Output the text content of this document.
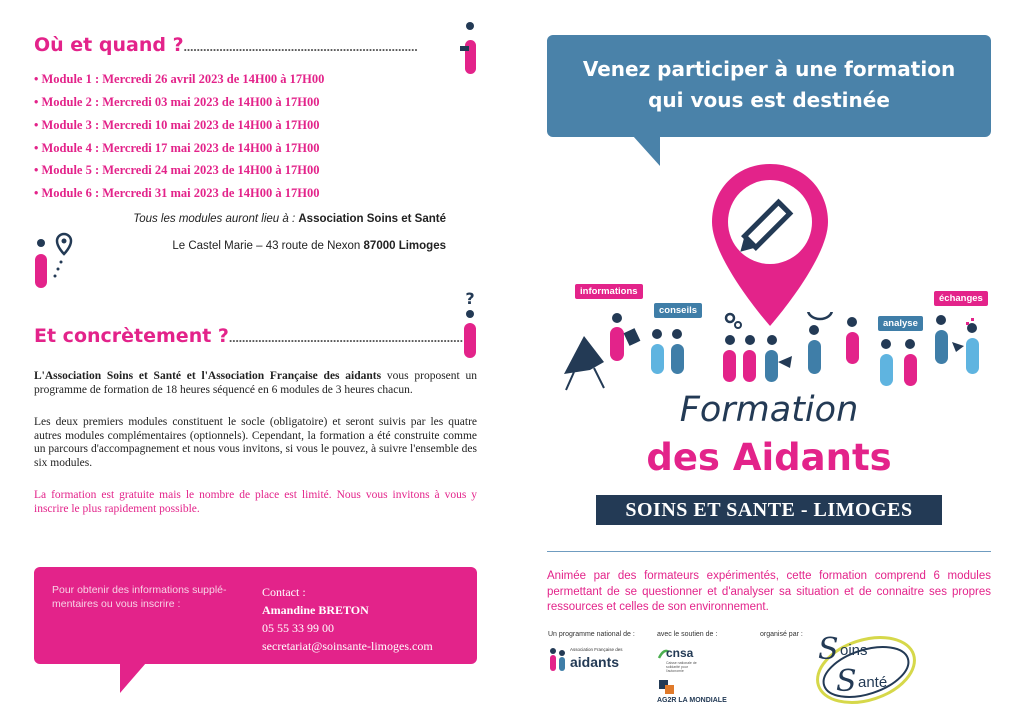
Où et quand ?........................................................................
• Module 1 : Mercredi 26 avril 2023 de 14H00 à 17H00
• Module 2 : Mercredi 03 mai 2023 de 14H00 à 17H00
• Module 3 : Mercredi 10 mai 2023 de 14H00 à 17H00
• Module 4 : Mercredi 17 mai 2023 de 14H00 à 17H00
• Module 5 : Mercredi 24 mai 2023 de 14H00 à 17H00
• Module 6 : Mercredi 31 mai 2023 de 14H00 à 17H00
Tous les modules auront lieu à : Association Soins et Santé
Le Castel Marie – 43 route de Nexon 87000 Limoges
Et concrètement ?........................................................................
?
L'Association Soins et Santé et l'Association Française des aidants vous proposent un programme de formation de 18 heures séquencé en 6 modules de 3 heures chacun.
Les deux premiers modules constituent le socle (obligatoire) et seront suivis par les quatre autres modules complémentaires (optionnels). Cependant, la formation a été construite comme un parcours d'accompagnement et nous vous invitons, si vous le pouvez, à suivre l'ensemble des six modules.
La formation est gratuite mais le nombre de place est limité. Nous vous invitons à vous y inscrire le plus rapidement possible.
Pour obtenir des informations supplé-mentaires ou vous inscrire :
Contact :
Amandine BRETON
05 55 33 99 00
secretariat@soinsante-limoges.com
Venez participer à une formation
qui vous est destinée
informations
conseils
analyse
échanges
Formation
des Aidants
SOINS ET SANTE - LIMOGES
Animée par des formateurs expérimentés, cette formation comprend 6 modules permettant de se questionner et d'analyser sa situation et de connaitre ses propres ressources et celles de son environnement.
Un programme national de :	avec le soutien de :	organisé par :
Association Française des
aidants
cnsa
Caisse nationale de solidarité pour l'autonomie
AG2R LA MONDIALE
S oins
S anté
